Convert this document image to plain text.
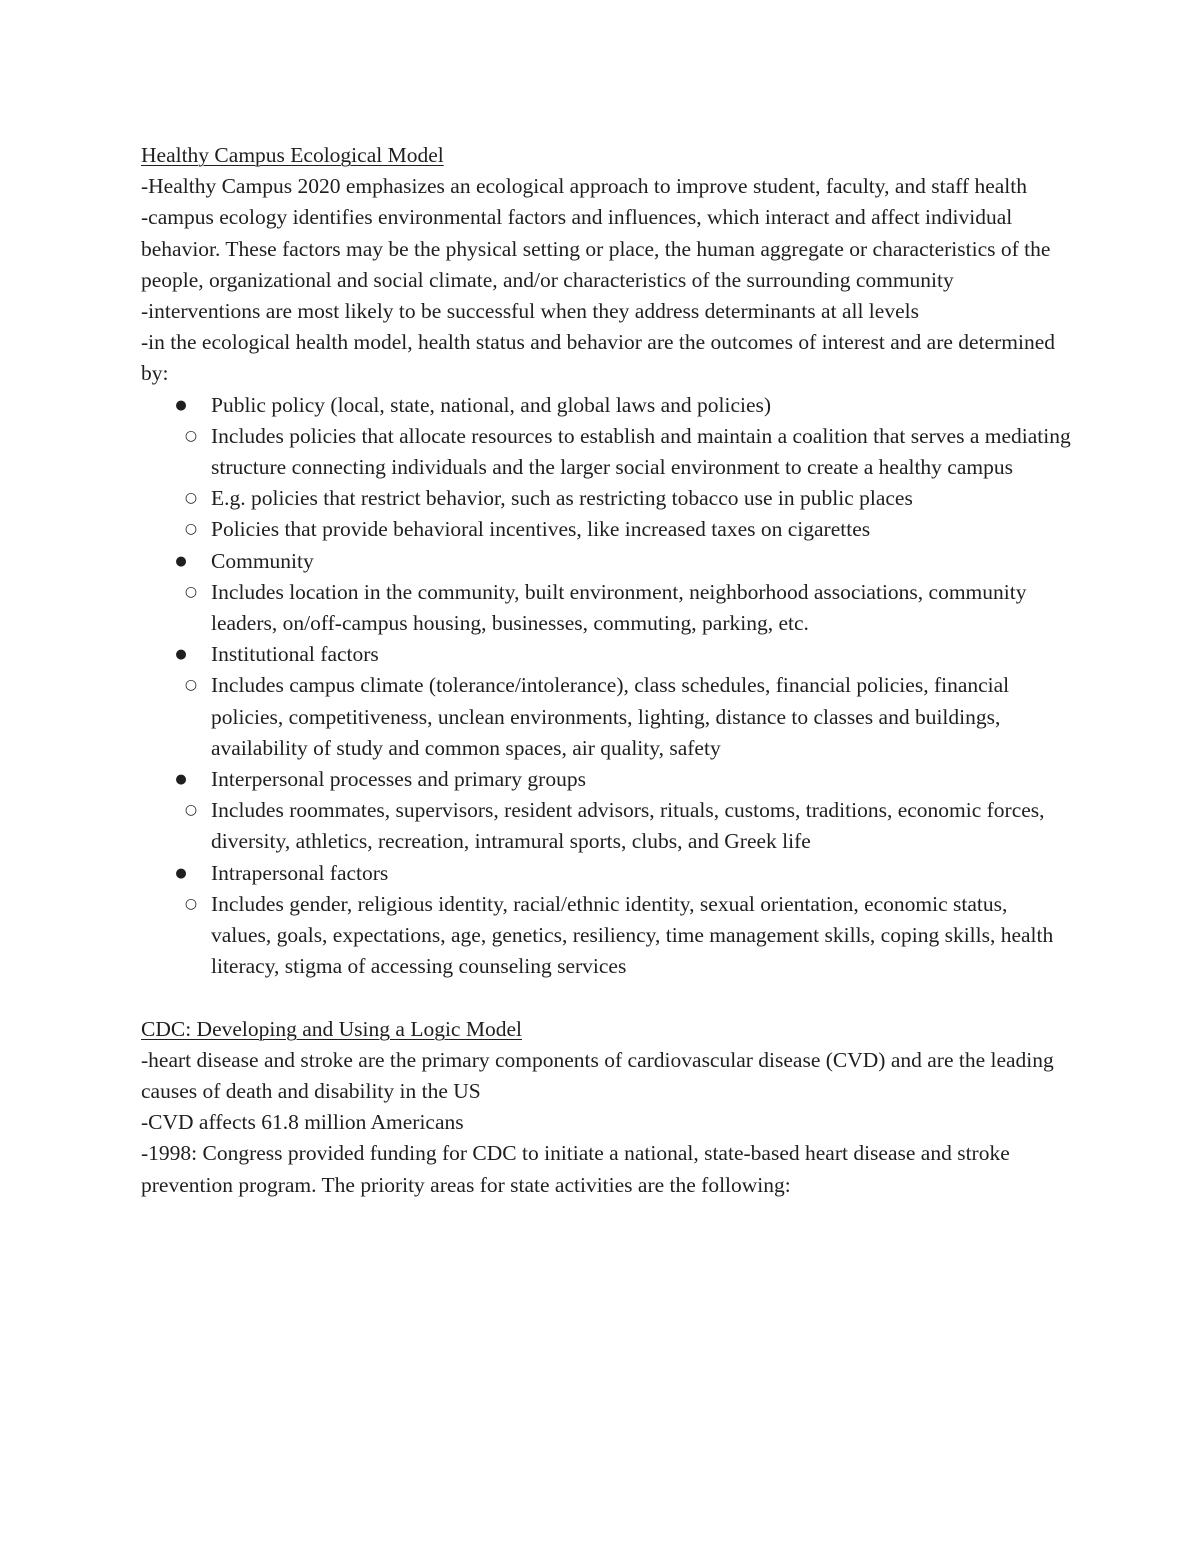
Healthy Campus Ecological Model

-Healthy Campus 2020 emphasizes an ecological approach to improve student, faculty, and staff health

-campus ecology identifies environmental factors and influences, which interact and affect individual behavior. These factors may be the physical setting or place, the human aggregate or characteristics of the people, organizational and social climate, and/or characteristics of the surrounding community

-interventions are most likely to be successful when they address determinants at all levels

-in the ecological health model, health status and behavior are the outcomes of interest and are determined by:

● Public policy (local, state, national, and global laws and policies)
○ Includes policies that allocate resources to establish and maintain a coalition that serves a mediating structure connecting individuals and the larger social environment to create a healthy campus
○ E.g. policies that restrict behavior, such as restricting tobacco use in public places
○ Policies that provide behavioral incentives, like increased taxes on cigarettes
● Community
○ Includes location in the community, built environment, neighborhood associations, community leaders, on/off-campus housing, businesses, commuting, parking, etc.
● Institutional factors
○ Includes campus climate (tolerance/intolerance), class schedules, financial policies, financial policies, competitiveness, unclean environments, lighting, distance to classes and buildings, availability of study and common spaces, air quality, safety
● Interpersonal processes and primary groups
○ Includes roommates, supervisors, resident advisors, rituals, customs, traditions, economic forces, diversity, athletics, recreation, intramural sports, clubs, and Greek life
● Intrapersonal factors
○ Includes gender, religious identity, racial/ethnic identity, sexual orientation, economic status, values, goals, expectations, age, genetics, resiliency, time management skills, coping skills, health literacy, stigma of accessing counseling services

CDC: Developing and Using a Logic Model

-heart disease and stroke are the primary components of cardiovascular disease (CVD) and are the leading causes of death and disability in the US

-CVD affects 61.8 million Americans

-1998: Congress provided funding for CDC to initiate a national, state-based heart disease and stroke prevention program. The priority areas for state activities are the following:
